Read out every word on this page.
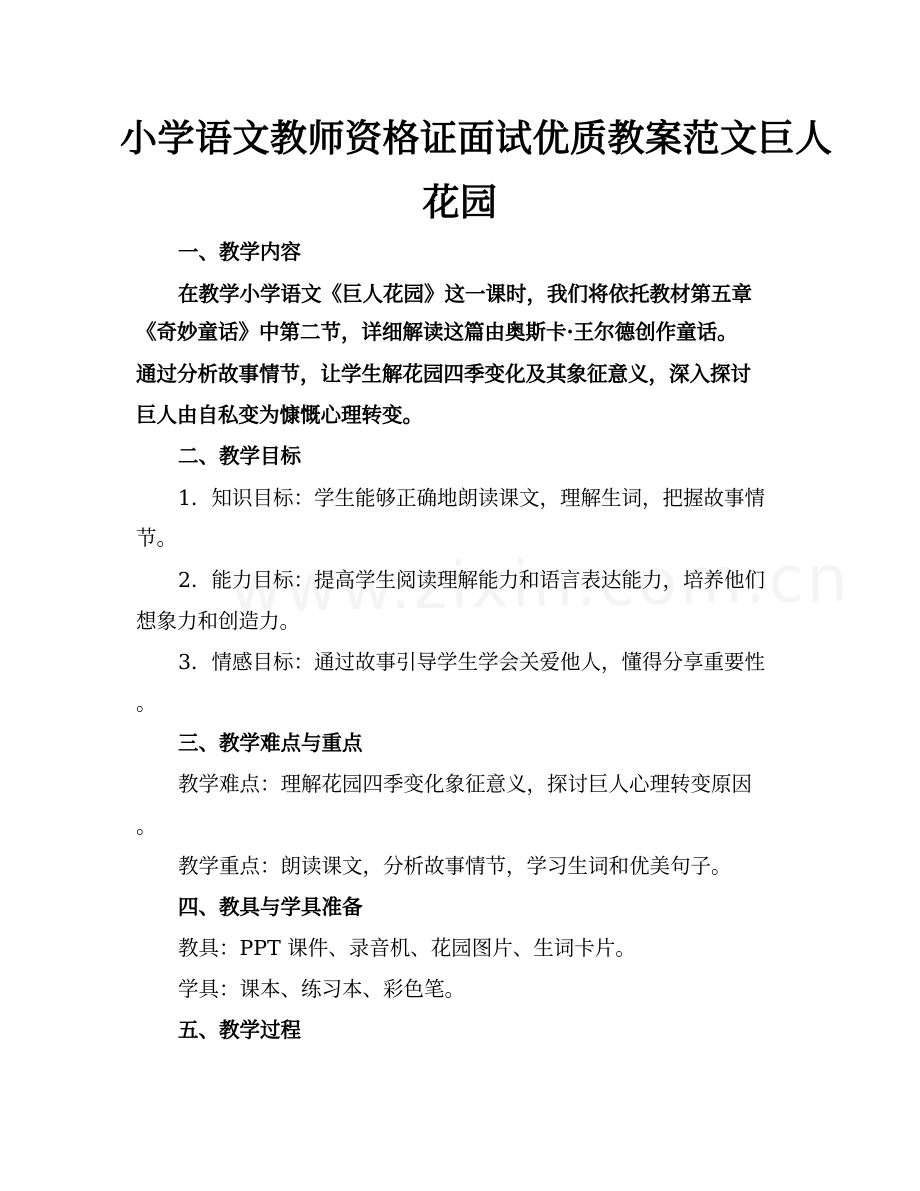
小学语文教师资格证面试优质教案范文巨人
花园
一、教学内容
在教学小学语文《巨人花园》这一课时，我们将依托教材第五章
《奇妙童话》中第二节，详细解读这篇由奥斯卡·王尔德创作童话。
通过分析故事情节，让学生解花园四季变化及其象征意义，深入探讨
巨人由自私变为慷慨心理转变。
二、教学目标
1．知识目标：学生能够正确地朗读课文，理解生词，把握故事情
节。
2．能力目标：提高学生阅读理解能力和语言表达能力，培养他们
想象力和创造力。
3．情感目标：通过故事引导学生学会关爱他人，懂得分享重要性
。
三、教学难点与重点
教学难点：理解花园四季变化象征意义，探讨巨人心理转变原因
。
教学重点：朗读课文，分析故事情节，学习生词和优美句子。
四、教具与学具准备
教具：PPT 课件、录音机、花园图片、生词卡片。
学具：课本、练习本、彩色笔。
五、教学过程
